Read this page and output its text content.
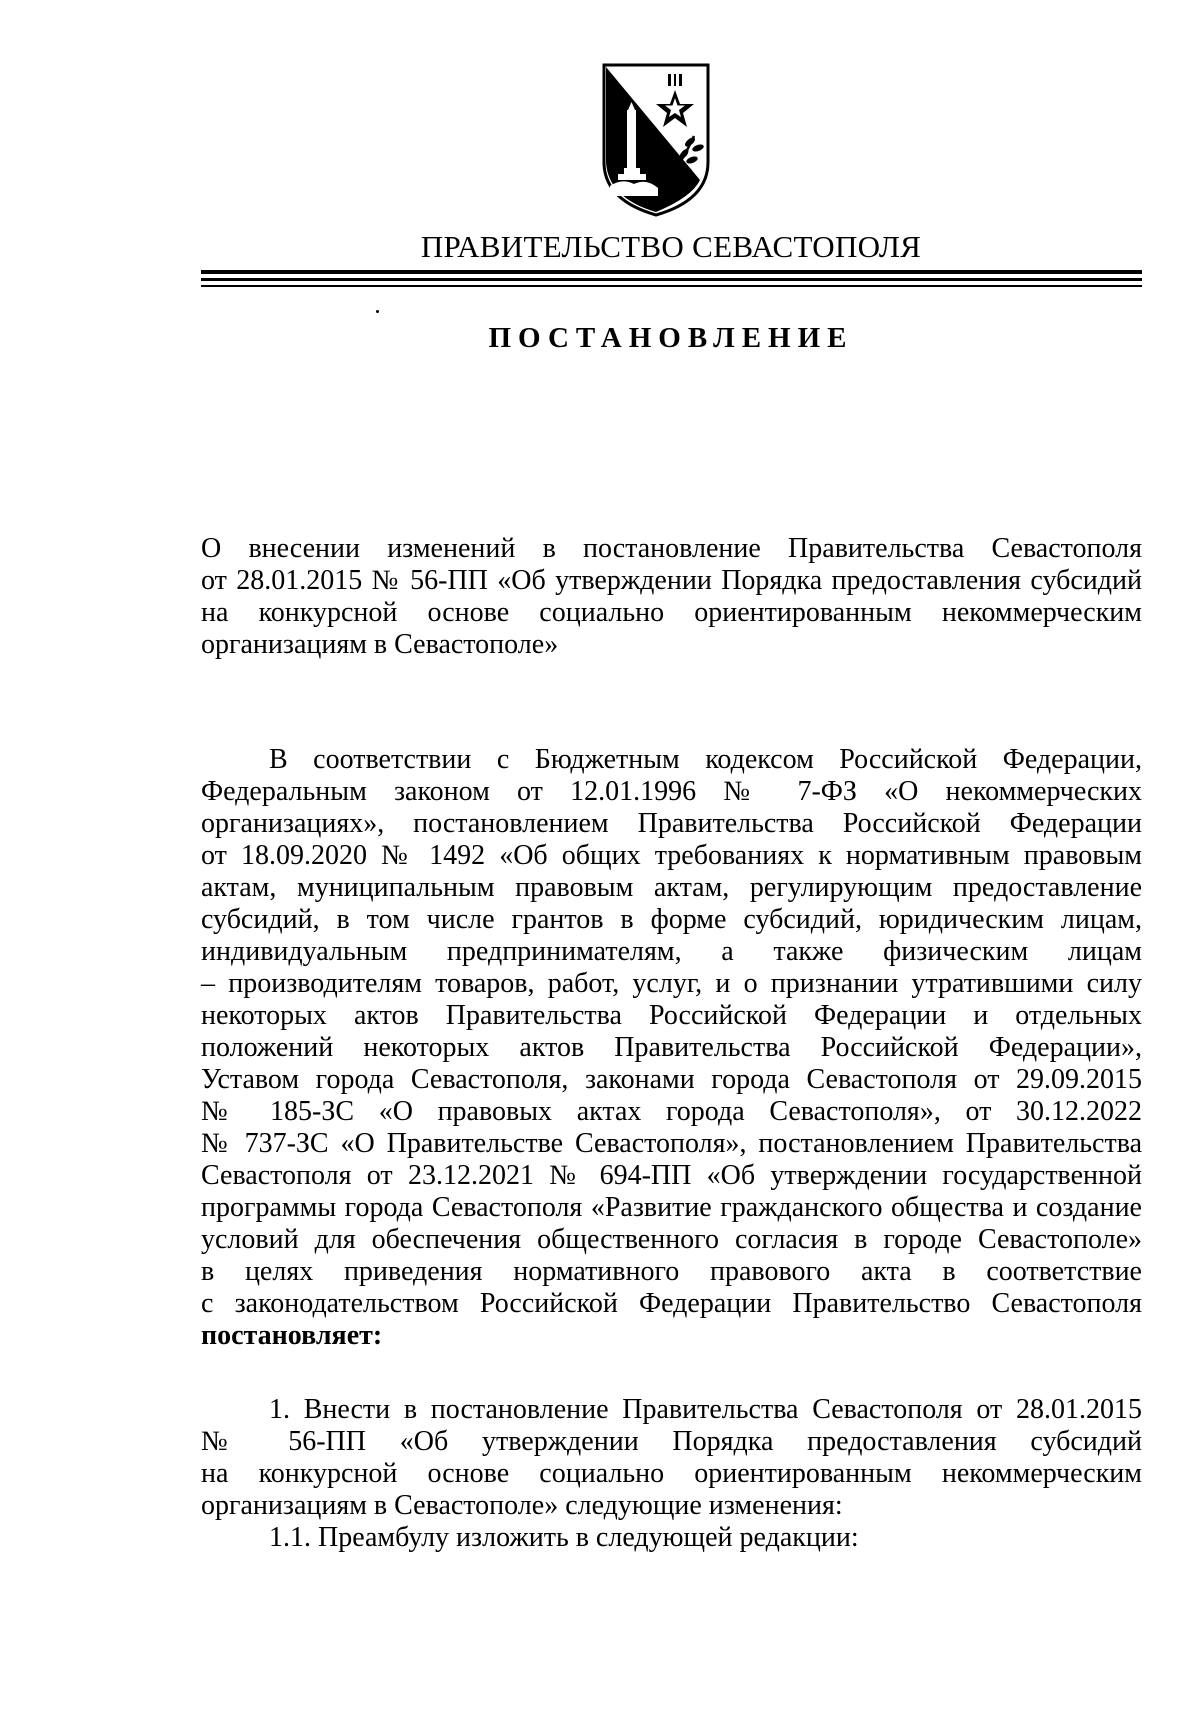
ПРАВИТЕЛЬСТВО СЕВАСТОПОЛЯ
ПОСТАНОВЛЕНИЕ
О внесении изменений в постановление Правительства Севастополя
от 28.01.2015 № 56-ПП «Об утверждении Порядка предоставления субсидий
на конкурсной основе социально ориентированным некоммерческим
организациям в Севастополе»
В соответствии с Бюджетным кодексом Российской Федерации,
Федеральным законом от 12.01.1996 № 7-ФЗ «О некоммерческих
организациях», постановлением Правительства Российской Федерации
от 18.09.2020 № 1492 «Об общих требованиях к нормативным правовым
актам, муниципальным правовым актам, регулирующим предоставление
субсидий, в том числе грантов в форме субсидий, юридическим лицам,
индивидуальным предпринимателям, а также физическим лицам
– производителям товаров, работ, услуг, и о признании утратившими силу
некоторых актов Правительства Российской Федерации и отдельных
положений некоторых актов Правительства Российской Федерации»,
Уставом города Севастополя, законами города Севастополя от 29.09.2015
№ 185-ЗС «О правовых актах города Севастополя», от 30.12.2022
№ 737-ЗС «О Правительстве Севастополя», постановлением Правительства
Севастополя от 23.12.2021 № 694-ПП «Об утверждении государственной
программы города Севастополя «Развитие гражданского общества и создание
условий для обеспечения общественного согласия в городе Севастополе»
в целях приведения нормативного правового акта в соответствие
с законодательством Российской Федерации Правительство Севастополя
постановляет:
1. Внести в постановление Правительства Севастополя от 28.01.2015
№ 56-ПП «Об утверждении Порядка предоставления субсидий
на конкурсной основе социально ориентированным некоммерческим
организациям в Севастополе» следующие изменения:
1.1. Преамбулу изложить в следующей редакции:
